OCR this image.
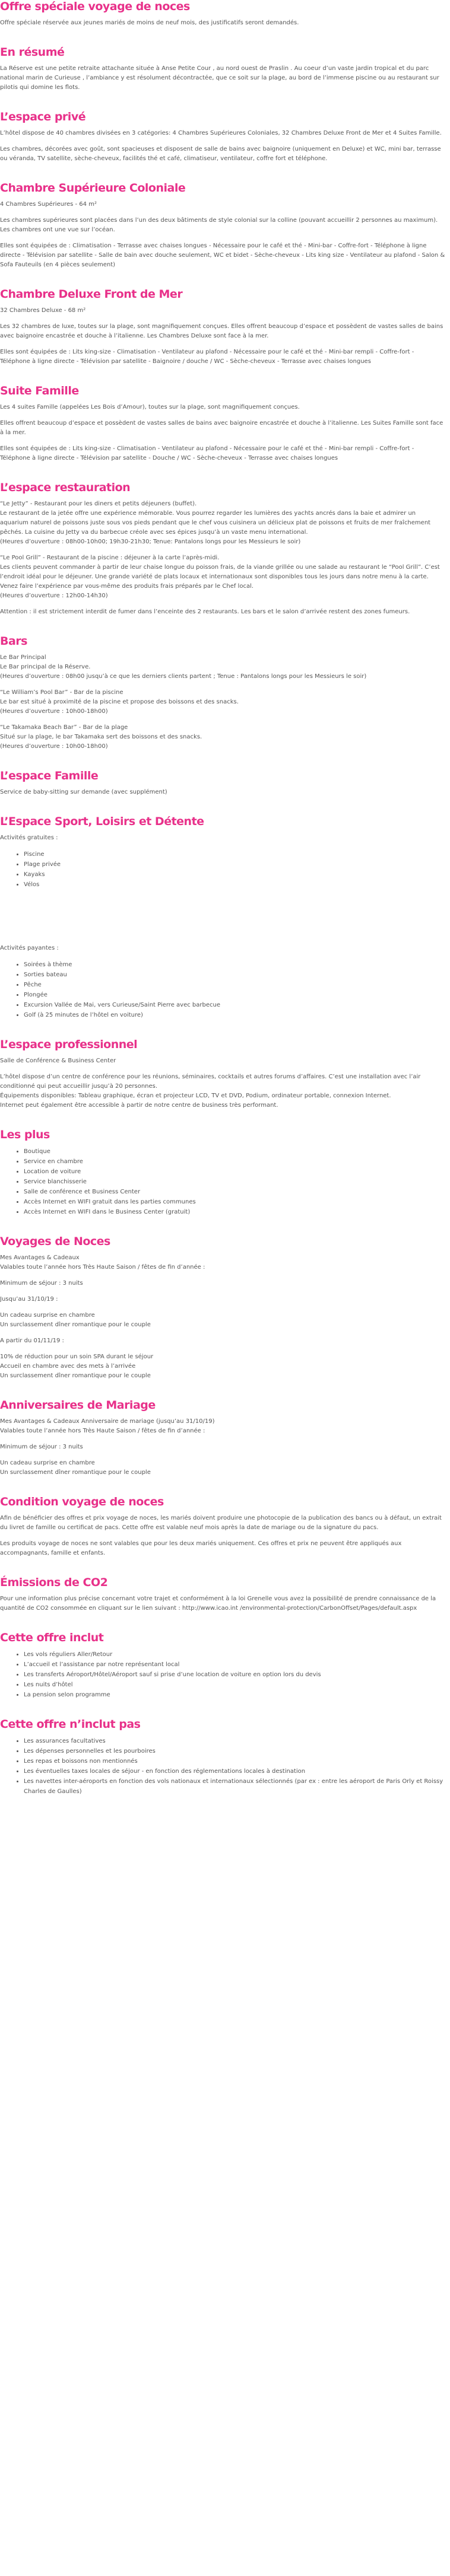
Offre spéciale voyage de noces

Offre spéciale réservée aux jeunes mariés de moins de neuf mois, des justificatifs seront demandés.

En résumé

La Réserve est une petite retraite attachante située à Anse Petite Cour , au nord ouest de Praslin . Au coeur d’un vaste jardin tropical et du parc national marin de Curieuse , l’ambiance y est résolument décontractée, que ce soit sur la plage, au bord de l’immense piscine ou au restaurant sur pilotis qui domine les flots.

L’espace privé

L’hôtel dispose de 40 chambres divisées en 3 catégories: 4 Chambres Supérieures Coloniales, 32 Chambres Deluxe Front de Mer et 4 Suites Famille.

Les chambres, décorées avec goût, sont spacieuses et disposent de salle de bains avec baignoire (uniquement en Deluxe) et WC, mini bar, terrasse ou véranda, TV satellite, sèche-cheveux, facilités thé et café, climatiseur, ventilateur, coffre fort et téléphone.

Chambre Supérieure Coloniale

4 Chambres Supérieures - 64 m²

Les chambres supérieures sont placées dans l’un des deux bâtiments de style colonial sur la colline (pouvant accueillir 2 personnes au maximum). Les chambres ont une vue sur l’océan.

Elles sont équipées de : Climatisation - Terrasse avec chaises longues - Nécessaire pour le café et thé - Mini-bar - Coffre-fort - Téléphone à ligne directe - Télévision par satellite - Salle de bain avec douche seulement, WC et bidet - Sèche-cheveux - Lits king size - Ventilateur au plafond - Salon & Sofa Fauteuils (en 4 pièces seulement)

Chambre Deluxe Front de Mer

32 Chambres Deluxe - 68 m²

Les 32 chambres de luxe, toutes sur la plage, sont magnifiquement conçues. Elles offrent beaucoup d’espace et possèdent de vastes salles de bains avec baignoire encastrée et douche à l’italienne. Les Chambres Deluxe sont face à la mer.

Elles sont équipées de : Lits king-size - Climatisation - Ventilateur au plafond - Nécessaire pour le café et thé - Mini-bar rempli - Coffre-fort - Téléphone à ligne directe - Télévision par satellite - Baignoire / douche / WC - Sèche-cheveux - Terrasse avec chaises longues

Suite Famille

Les 4 suites Famille (appelées Les Bois d’Amour), toutes sur la plage, sont magnifiquement conçues.

Elles offrent beaucoup d’espace et possèdent de vastes salles de bains avec baignoire encastrée et douche à l’italienne. Les Suites Famille sont face à la mer.

Elles sont équipées de : Lits king-size - Climatisation - Ventilateur au plafond - Nécessaire pour le café et thé - Mini-bar rempli - Coffre-fort - Téléphone à ligne directe - Télévision par satellite - Douche / WC - Sèche-cheveux - Terrasse avec chaises longues

L’espace restauration

“Le Jetty” - Restaurant pour les diners et petits déjeuners (buffet).
Le restaurant de la jetée offre une expérience mémorable. Vous pourrez regarder les lumières des yachts ancrés dans la baie et admirer un aquarium naturel de poissons juste sous vos pieds pendant que le chef vous cuisinera un délicieux plat de poissons et fruits de mer fraîchement pêchés. La cuisine du Jetty va du barbecue créole avec ses épices jusqu’à un vaste menu international.
(Heures d’ouverture : 08h00-10h00; 19h30-21h30; Tenue: Pantalons longs pour les Messieurs le soir)

“Le Pool Grill” - Restaurant de la piscine : déjeuner à la carte l’après-midi.
Les clients peuvent commander à partir de leur chaise longue du poisson frais, de la viande grillée ou une salade au restaurant le “Pool Grill”. C’est l’endroit idéal pour le déjeuner. Une grande variété de plats locaux et internationaux sont disponibles tous les jours dans notre menu à la carte. Venez faire l’expérience par vous-même des produits frais préparés par le Chef local.
(Heures d’ouverture : 12h00-14h30)

Attention : il est strictement interdit de fumer dans l’enceinte des 2 restaurants. Les bars et le salon d’arrivée restent des zones fumeurs.

Bars

Le Bar Principal
Le Bar principal de la Réserve.
(Heures d’ouverture : 08h00 jusqu’à ce que les derniers clients partent ; Tenue : Pantalons longs pour les Messieurs le soir)

“Le William’s Pool Bar” - Bar de la piscine
Le bar est situé à proximité de la piscine et propose des boissons et des snacks.
(Heures d’ouverture : 10h00-18h00)

“Le Takamaka Beach Bar” - Bar de la plage
Situé sur la plage, le bar Takamaka sert des boissons et des snacks.
(Heures d’ouverture : 10h00-18h00)

L’espace Famille

Service de baby-sitting sur demande (avec supplément)

L’Espace Sport, Loisirs et Détente

Activités gratuites :

• Piscine
• Plage privée
• Kayaks
• Vélos

Activités payantes :

• Soirées à thème
• Sorties bateau
• Pêche
• Plongée
• Excursion Vallée de Mai, vers Curieuse/Saint Pierre avec barbecue
• Golf (à 25 minutes de l’hôtel en voiture)
L’espace professionnel

Salle de Conférence & Business Center

L’hôtel dispose d’un centre de conférence pour les réunions, séminaires, cocktails et autres forums d’affaires. C’est une installation avec l’air conditionné qui peut accueillir jusqu’à 20 personnes.
Équipements disponibles: Tableau graphique, écran et projecteur LCD, TV et DVD, Podium, ordinateur portable, connexion Internet.
Internet peut également être accessible à partir de notre centre de business très performant.

Les plus
• Boutique
• Service en chambre
• Location de voiture
• Service blanchisserie
• Salle de conférence et Business Center
• Accès Internet en WIFI gratuit dans les parties communes
• Accès Internet en WIFI dans le Business Center (gratuit)
Voyages de Noces

Mes Avantages & Cadeaux
Valables toute l’année hors Très Haute Saison / fêtes de fin d’année :

Minimum de séjour : 3 nuits

Jusqu’au 31/10/19 :

Un cadeau surprise en chambre
Un surclassement dîner romantique pour le couple

A partir du 01/11/19 :

10% de réduction pour un soin SPA durant le séjour
Accueil en chambre avec des mets à l’arrivée
Un surclassement dîner romantique pour le couple

Anniversaires de Mariage

Mes Avantages & Cadeaux Anniversaire de mariage (jusqu’au 31/10/19)
Valables toute l’année hors Très Haute Saison / fêtes de fin d’année :

Minimum de séjour : 3 nuits

Un cadeau surprise en chambre
Un surclassement dîner romantique pour le couple

Condition voyage de noces

Afin de bénéficier des offres et prix voyage de noces, les mariés doivent produire une photocopie de la publication des bancs ou à défaut, un extrait du livret de famille ou certificat de pacs. Cette offre est valable neuf mois après la date de mariage ou de la signature du pacs.

Les produits voyage de noces ne sont valables que pour les deux mariés uniquement. Ces offres et prix ne peuvent être appliqués aux accompagnants, famille et enfants.

Émissions de CO2

Pour une information plus précise concernant votre trajet et conformément à la loi Grenelle vous avez la possibilité de prendre connaissance de la quantité de CO2 consommée en cliquant sur le lien suivant : http://www.icao.int /environmental-protection/CarbonOffset/Pages/default.aspx

Cette offre inclut
• Les vols réguliers Aller/Retour
• L’accueil et l’assistance par notre représentant local
• Les transferts Aéroport/Hôtel/Aéroport sauf si prise d’une location de voiture en option lors du devis
• Les nuits d’hôtel
• La pension selon programme
Cette offre n’inclut pas
• Les assurances facultatives
• Les dépenses personnelles et les pourboires
• Les repas et boissons non mentionnés
• Les éventuelles taxes locales de séjour - en fonction des réglementations locales à destination
• Les navettes inter-aéroports en fonction des vols nationaux et internationaux sélectionnés (par ex : entre les aéroport de Paris Orly et Roissy Charles de Gaulles)
